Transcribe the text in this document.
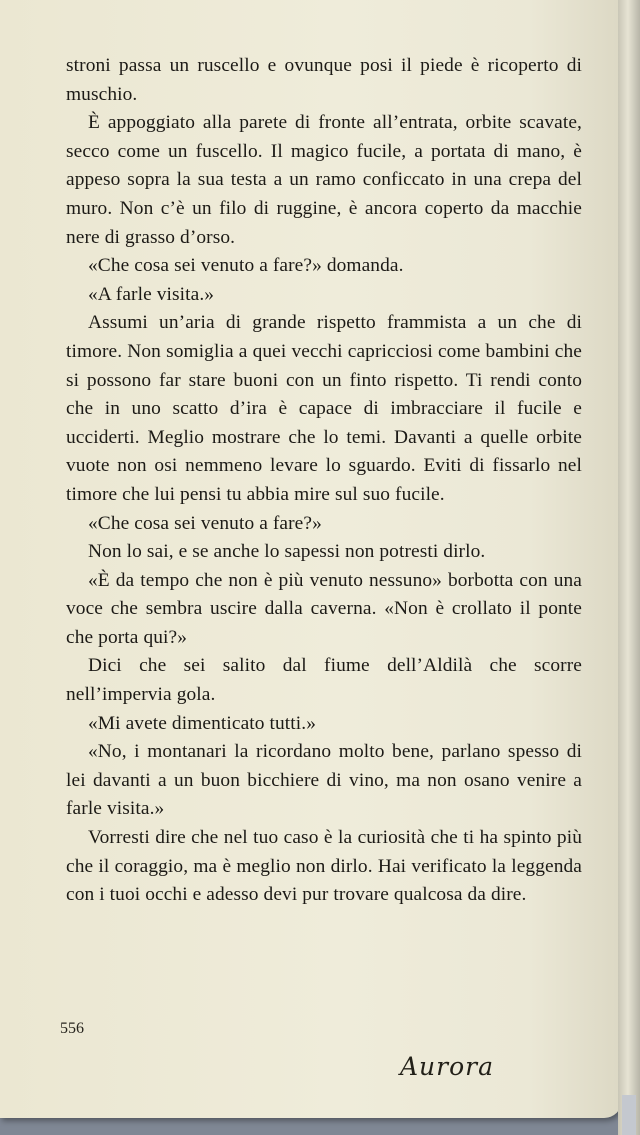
stroni passa un ruscello e ovunque posi il piede è ricoperto di muschio.

È appoggiato alla parete di fronte all’entrata, orbite scavate, secco come un fuscello. Il magico fucile, a portata di mano, è appeso sopra la sua testa a un ramo conficcato in una crepa del muro. Non c’è un filo di ruggine, è ancora coperto da macchie nere di grasso d’orso.

«Che cosa sei venuto a fare?» domanda.

«A farle visita.»

Assumi un’aria di grande rispetto frammista a un che di timore. Non somiglia a quei vecchi capricciosi come bambini che si possono far stare buoni con un finto rispetto. Ti rendi conto che in uno scatto d’ira è capace di imbracciare il fucile e ucciderti. Meglio mostrare che lo temi. Davanti a quelle orbite vuote non osi nemmeno levare lo sguardo. Eviti di fissarlo nel timore che lui pensi tu abbia mire sul suo fucile.

«Che cosa sei venuto a fare?»

Non lo sai, e se anche lo sapessi non potresti dirlo.

«È da tempo che non è più venuto nessuno» borbotta con una voce che sembra uscire dalla caverna. «Non è crollato il ponte che porta qui?»

Dici che sei salito dal fiume dell’Aldilà che scorre nell’impervia gola.

«Mi avete dimenticato tutti.»

«No, i montanari la ricordano molto bene, parlano spesso di lei davanti a un buon bicchiere di vino, ma non osano venire a farle visita.»

Vorresti dire che nel tuo caso è la curiosità che ti ha spinto più che il coraggio, ma è meglio non dirlo. Hai verificato la leggenda con i tuoi occhi e adesso devi pur trovare qualcosa da dire.

556
Aurora
